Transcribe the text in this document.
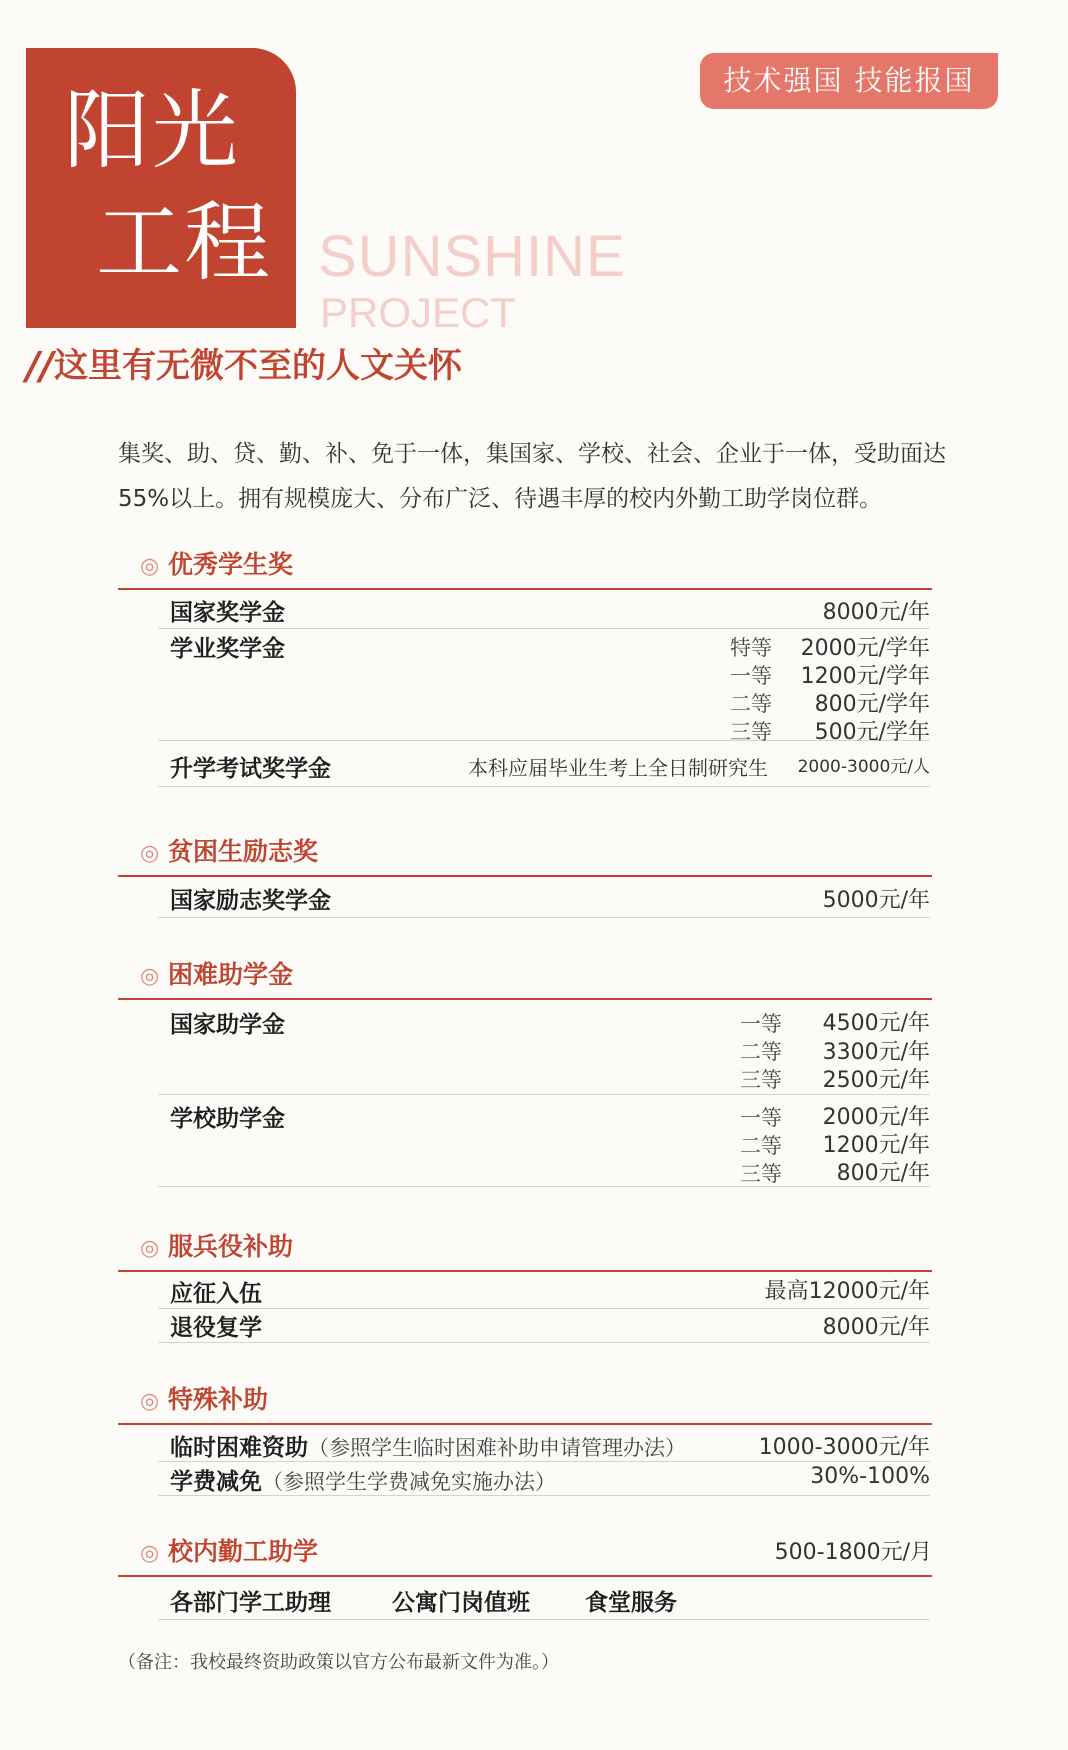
阳光
工程 SUNSHINE
PROJECT
技术强国 技能报国
// 这里有无微不至的人文关怀
集奖、助、贷、勤、补、免于一体，集国家、学校、社会、企业于一体，受助面达55%以上。拥有规模庞大、分布广泛、待遇丰厚的校内外勤工助学岗位群。
◎ 优秀学生奖
国家奖学金	8000元/年
学业奖学金	特等 2000元/学年
一等 1200元/学年
二等 800元/学年
三等 500元/学年
升学考试奖学金	本科应届毕业生考上全日制研究生 2000-3000元/人
◎ 贫困生励志奖
国家励志奖学金	5000元/年
◎ 困难助学金
国家助学金	一等 4500元/年
二等 3300元/年
三等 2500元/年
学校助学金	一等 2000元/年
二等 1200元/年
三等 800元/年
◎ 服兵役补助
应征入伍	最高12000元/年
退役复学	8000元/年
◎ 特殊补助
临时困难资助（参照学生临时困难补助申请管理办法）	1000-3000元/年
学费减免（参照学生学费减免实施办法）	30%-100%
◎ 校内勤工助学	500-1800元/月
各部门学工助理	公寓门岗值班 食堂服务
（备注：我校最终资助政策以官方公布最新文件为准。）
